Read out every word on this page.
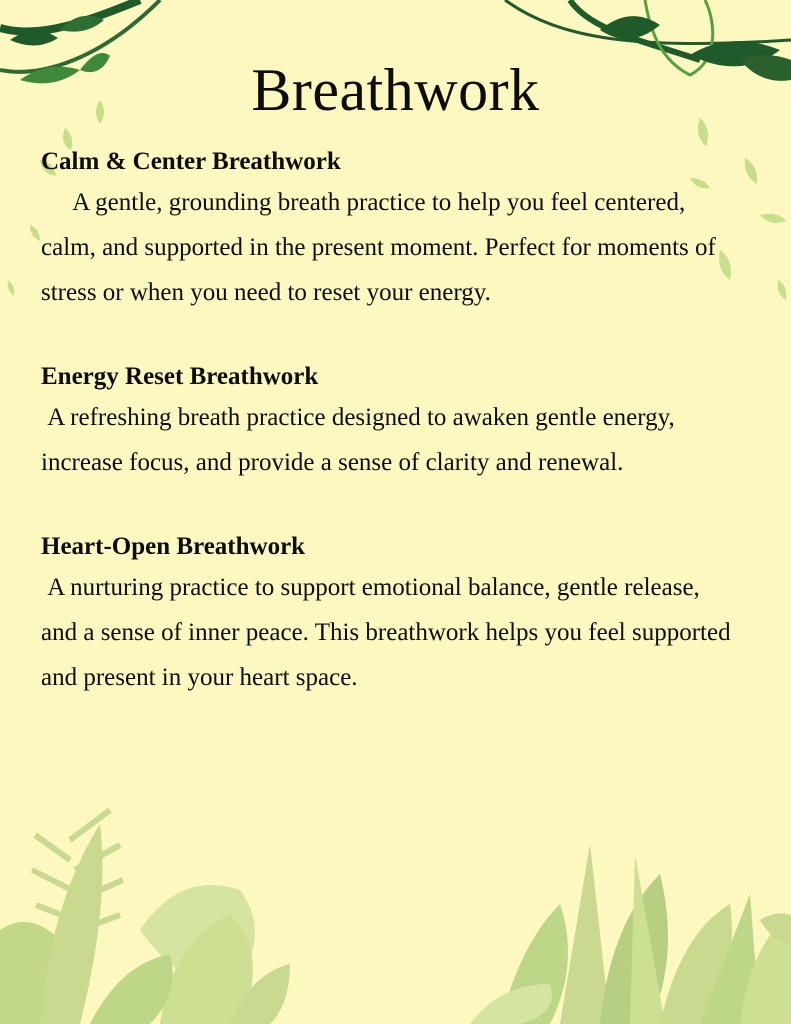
Breathwork

Calm & Center Breathwork

A gentle, grounding breath practice to help you feel centered, calm, and supported in the present moment. Perfect for moments of stress or when you need to reset your energy.

Energy Reset Breathwork

A refreshing breath practice designed to awaken gentle energy, increase focus, and provide a sense of clarity and renewal.

Heart-Open Breathwork

A nurturing practice to support emotional balance, gentle release, and a sense of inner peace. This breathwork helps you feel supported and present in your heart space.
